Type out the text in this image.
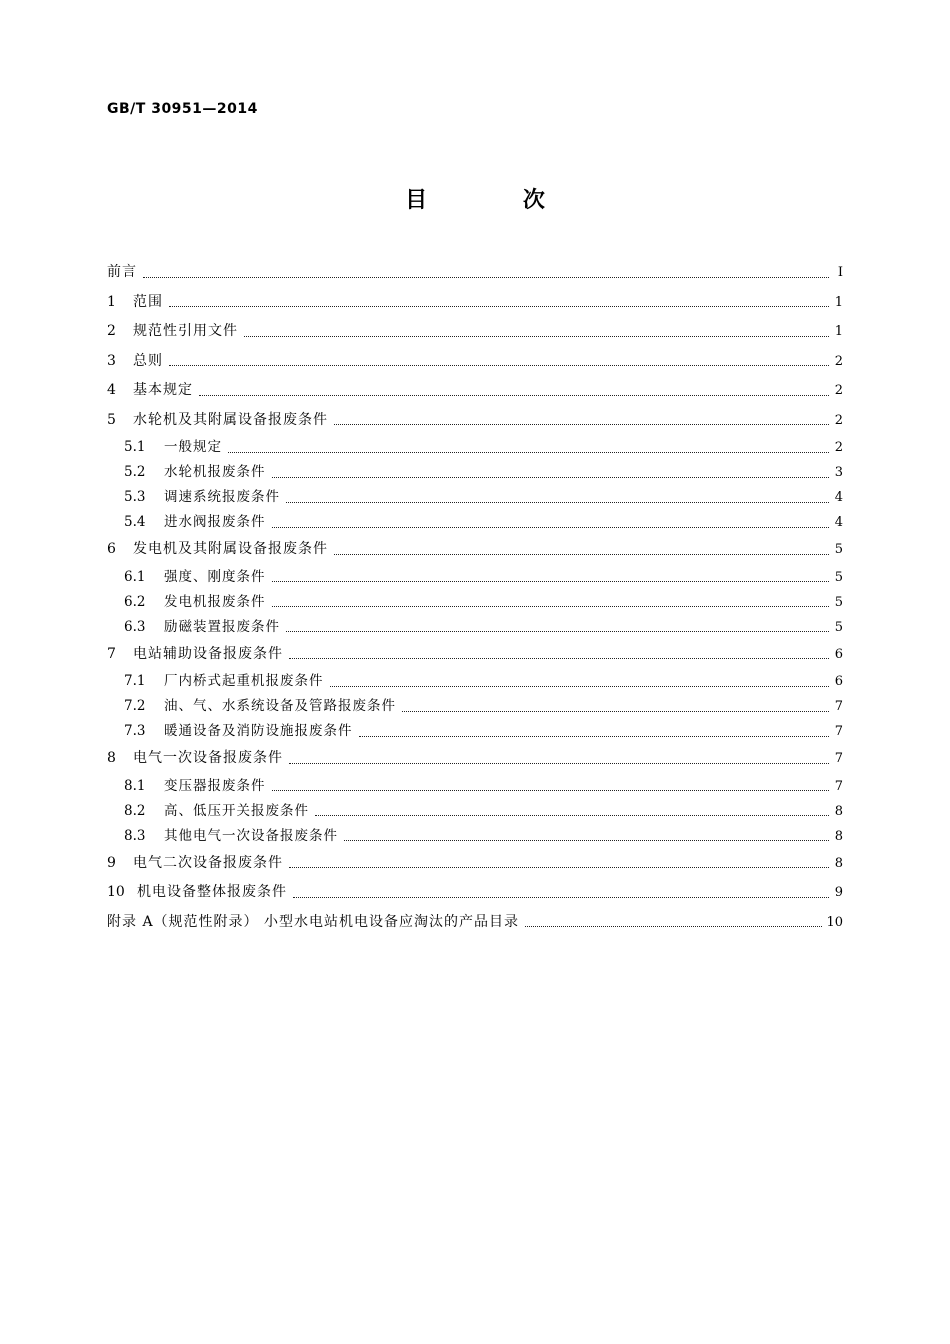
GB/T 30951—2014
目 次
前言	Ⅰ
1	范围	1
2	规范性引用文件	1
3	总则	2
4	基本规定	2
5	水轮机及其附属设备报废条件	2
5.1	一般规定	2
5.2	水轮机报废条件	3
5.3	调速系统报废条件	4
5.4	进水阀报废条件	4
6	发电机及其附属设备报废条件	5
6.1	强度、刚度条件	5
6.2	发电机报废条件	5
6.3	励磁装置报废条件	5
7	电站辅助设备报废条件	6
7.1	厂内桥式起重机报废条件	6
7.2	油、气、水系统设备及管路报废条件	7
7.3	暖通设备及消防设施报废条件	7
8	电气一次设备报废条件	7
8.1	变压器报废条件	7
8.2	高、低压开关报废条件	8
8.3	其他电气一次设备报废条件	8
9	电气二次设备报废条件	8
10 机电设备整体报废条件	9
附录 A（规范性附录） 小型水电站机电设备应淘汰的产品目录	10
